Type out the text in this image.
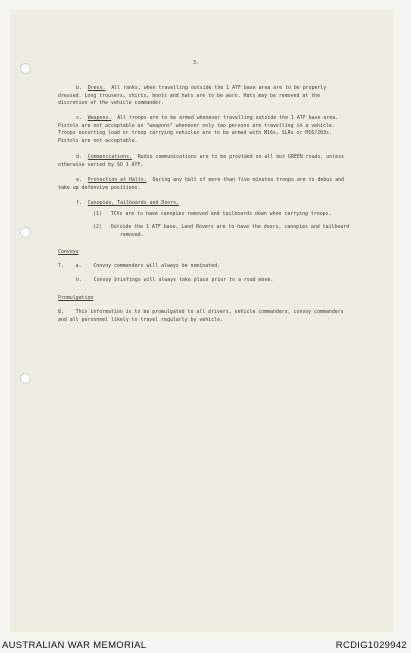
3.
b. Dress. All ranks, when travelling outside the 1 ATF base area are to be properly
dressed. Long trousers, shirts, boots and hats are to be worn. Hats may be removed at the
discretion of the vehicle commander.
c. Weapons. All troops are to be armed whenever travelling outside the 1 ATF base area.
Pistols are not acceptable as "weapons" whenever only two persons are travelling in a vehicle.
Troops escorting load or troop carrying vehicles are to be armed with M16s, SLRs or M16/203s.
Pistols are not acceptable.
d. Communications. Radio communications are to be provided on all but GREEN roads, unless
otherwise varied by SO 1 ATF.
e. Protection at Halts. During any halt of more than five minutes troops are to debus and
take up defensive positions.
f. Canopies, Tailboards and Doors.
(1) TCVs are to have canopies removed and tailboards down when carrying troops.
(2) Outside the 1 ATF base, Land Rovers are to have the doors, canopies and tailboard
removed.
Convoys
7. a. Convoy commanders will always be nominated.
b. Convoy briefings will always take place prior to a road move.
Promulgation
8. This information is to be promulgated to all drivers, vehicle commanders, convoy commanders
and all personnel likely to travel regularly by vehicle.
AUSTRALIAN WAR MEMORIAL	RCDIG1029942
